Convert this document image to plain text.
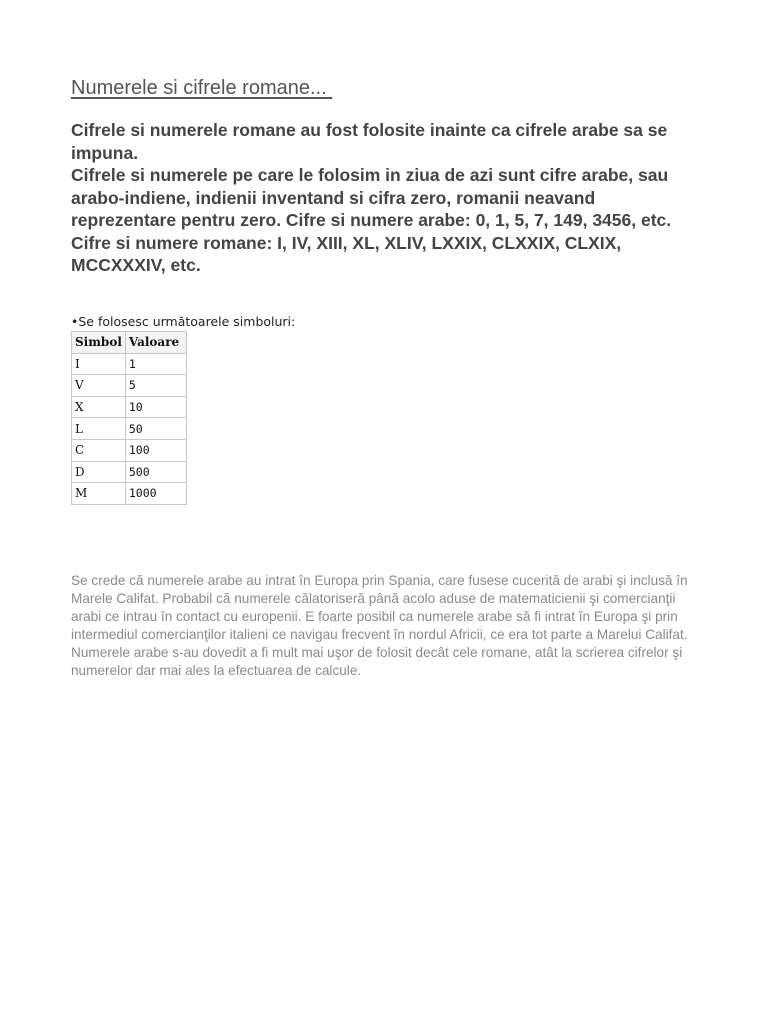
Numerele si cifrele romane...

Cifrele si numerele romane au fost folosite inainte ca cifrele arabe sa se impuna.

Cifrele si numerele pe care le folosim in ziua de azi sunt cifre arabe, sau arabo-indiene, indienii inventand si cifra zero, romanii neavand reprezentare pentru zero. Cifre si numere arabe: 0, 1, 5, 7, 149, 3456, etc.

Cifre si numere romane: I, IV, XIII, XL, XLIV, LXXIX, CLXXIX, CLXIX, MCCXXXIV, etc.

•Se folosesc următoarele simboluri:
Simbol	Valoare
I	1
V	5
X	10
L	50
C	100
D	500
M	1000

Se crede că numerele arabe au intrat în Europa prin Spania, care fusese cucerită de arabi şi inclusă în Marele Califat. Probabil că numerele călatoriseră până acolo aduse de matematicienii şi comercianţii arabi ce intrau în contact cu europenii. E foarte posibil ca numerele arabe să fi intrat în Europa şi prin intermediul comercianţilor italieni ce navigau frecvent în nordul Africii, ce era tot parte a Marelui Califat. Numerele arabe s-au dovedit a fi mult mai uşor de folosit decât cele romane, atât la scrierea cifrelor şi numerelor dar mai ales la efectuarea de calcule.
